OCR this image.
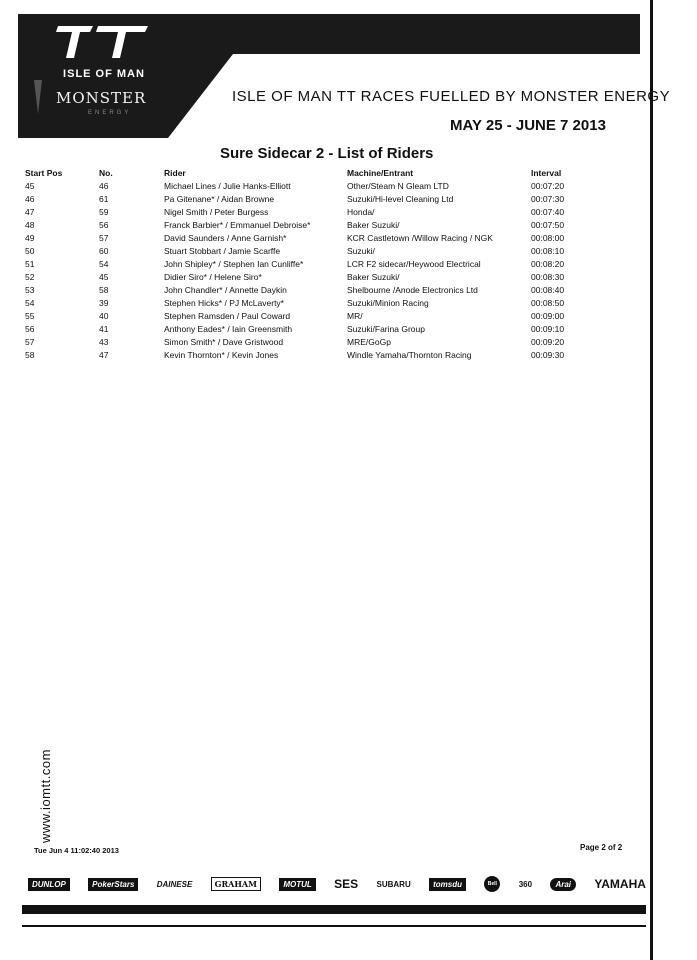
ISLE OF MAN
MONSTER
ENERGY
ISLE OF MAN TT RACES FUELLED BY MONSTER ENERGY
MAY 25 - JUNE 7 2013
Sure Sidecar 2 - List of Riders
Start Pos	No.	Rider	Machine/Entrant	Interval
45	46	Michael Lines / Julie Hanks-Elliott	Other/Steam N Gleam LTD	00:07:20
46	61	Pa Gitenane* / Aidan Browne	Suzuki/Hi-level Cleaning Ltd	00:07:30
47	59	Nigel Smith / Peter Burgess	Honda/	00:07:40
48	56	Franck Barbier* / Emmanuel Debroise*	Baker Suzuki/	00:07:50
49	57	David Saunders / Anne Garnish*	KCR Castletown /Willow Racing / NGK	00:08:00
50	60	Stuart Stobbart / Jamie Scarffe	Suzuki/	00:08:10
51	54	John Shipley* / Stephen Ian Cunliffe*	LCR F2 sidecar/Heywood Electrical	00:08:20
52	45	Didier Siro* / Helene Siro*	Baker Suzuki/	00:08:30
53	58	John Chandler* / Annette Daykin	Shelbourne /Anode Electronics Ltd	00:08:40
54	39	Stephen Hicks* / PJ McLaverty*	Suzuki/Minion Racing	00:08:50
55	40	Stephen Ramsden / Paul Coward	MR/	00:09:00
56	41	Anthony Eades* / Iain Greensmith	Suzuki/Farina Group	00:09:10
57	43	Simon Smith* / Dave Gristwood	MRE/GoGp	00:09:20
58	47	Kevin Thornton* / Kevin Jones	Windle Yamaha/Thornton Racing	00:09:30
www.iomtt.com
Tue Jun 4 11:02:40 2013	Page 2 of 2
DUNLOP	PokerStars	DAINESE	GRAHAM	MOTUL	SES SUBARU	tomsdu	Bell	360	Arai	YAMAHA
